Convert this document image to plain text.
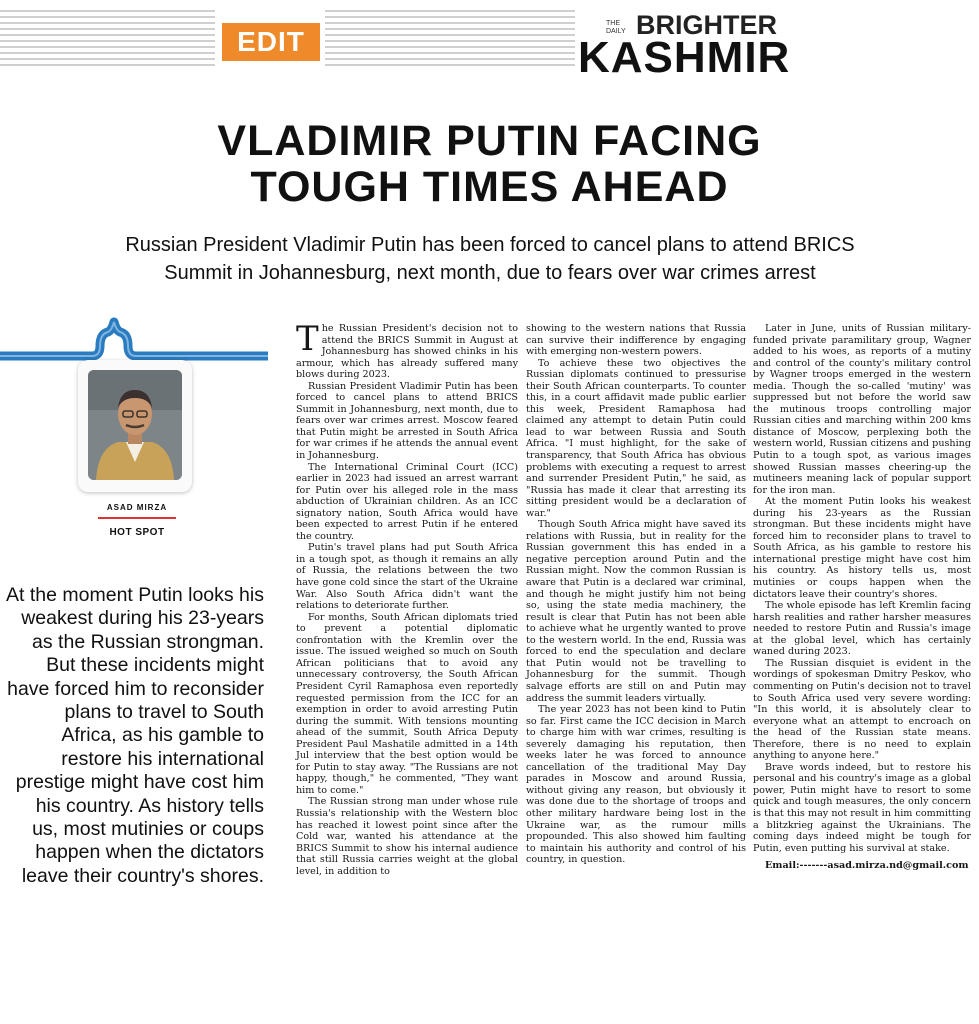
EDIT
THE DAILY BRIGHTER
KASHMIR
VLADIMIR PUTIN FACING
TOUGH TIMES AHEAD
Russian President Vladimir Putin has been forced to cancel plans to attend BRICS
Summit in Johannesburg, next month, due to fears over war crimes arrest
ASAD MIRZA
HOT SPOT
At the moment Putin looks his weakest during his 23-years as the Russian strongman. But these incidents might have forced him to reconsider plans to travel to South Africa, as his gamble to restore his international prestige might have cost him his country. As history tells us, most mutinies or coups happen when the dictators leave their country's shores.

The Russian President's decision not to attend the BRICS Summit in August at Johannesburg has showed chinks in his armour, which has already suffered many blows during 2023.

Russian President Vladimir Putin has been forced to cancel plans to attend BRICS Summit in Johannesburg, next month, due to fears over war crimes arrest. Moscow feared that Putin might be arrested in South Africa for war crimes if he attends the annual event in Johannesburg.

The International Criminal Court (ICC) earlier in 2023 had issued an arrest warrant for Putin over his alleged role in the mass abduction of Ukrainian children. As an ICC signatory nation, South Africa would have been expected to arrest Putin if he entered the country.

Putin's travel plans had put South Africa in a tough spot, as though it remains an ally of Russia, the relations between the two have gone cold since the start of the Ukraine War. Also South Africa didn't want the relations to deteriorate further.

For months, South African diplomats tried to prevent a potential diplomatic confrontation with the Kremlin over the issue. The issued weighed so much on South African politicians that to avoid any unnecessary controversy, the South African President Cyril Ramaphosa even reportedly requested permission from the ICC for an exemption in order to avoid arresting Putin during the summit. With tensions mounting ahead of the summit, South Africa Deputy President Paul Mashatile admitted in a 14th Jul interview that the best option would be for Putin to stay away. "The Russians are not happy, though," he commented, "They want him to come."

The Russian strong man under whose rule Russia's relationship with the Western bloc has reached it lowest point since after the Cold war, wanted his attendance at the BRICS Summit to show his internal audience that still Russia carries weight at the global level, in addition to

showing to the western nations that Russia can survive their indifference by engaging with emerging non-western powers.

To achieve these two objectives the Russian diplomats continued to pressurise their South African counterparts. To counter this, in a court affidavit made public earlier this week, President Ramaphosa had claimed any attempt to detain Putin could lead to war between Russia and South Africa. "I must highlight, for the sake of transparency, that South Africa has obvious problems with executing a request to arrest and surrender President Putin," he said, as "Russia has made it clear that arresting its sitting president would be a declaration of war."

Though South Africa might have saved its relations with Russia, but in reality for the Russian government this has ended in a negative perception around Putin and the Russian might. Now the common Russian is aware that Putin is a declared war criminal, and though he might justify him not being so, using the state media machinery, the result is clear that Putin has not been able to achieve what he urgently wanted to prove to the western world. In the end, Russia was forced to end the speculation and declare that Putin would not be travelling to Johannesburg for the summit. Though salvage efforts are still on and Putin may address the summit leaders virtually.

The year 2023 has not been kind to Putin so far. First came the ICC decision in March to charge him with war crimes, resulting is severely damaging his reputation, then weeks later he was forced to announce cancellation of the traditional May Day parades in Moscow and around Russia, without giving any reason, but obviously it was done due to the shortage of troops and other military hardware being lost in the Ukraine war, as the rumour mills propounded. This also showed him faulting to maintain his authority and control of his country, in question.

Later in June, units of Russian military-funded private paramilitary group, Wagner added to his woes, as reports of a mutiny and control of the county's military control by Wagner troops emerged in the western media. Though the so-called 'mutiny' was suppressed but not before the world saw the mutinous troops controlling major Russian cities and marching within 200 kms distance of Moscow, perplexing both the western world, Russian citizens and pushing Putin to a tough spot, as various images showed Russian masses cheering-up the mutineers meaning lack of popular support for the iron man.

At the moment Putin looks his weakest during his 23-years as the Russian strongman. But these incidents might have forced him to reconsider plans to travel to South Africa, as his gamble to restore his international prestige might have cost him his country. As history tells us, most mutinies or coups happen when the dictators leave their country's shores.

The whole episode has left Kremlin facing harsh realities and rather harsher measures needed to restore Putin and Russia's image at the global level, which has certainly waned during 2023.

The Russian disquiet is evident in the wordings of spokesman Dmitry Peskov, who commenting on Putin's decision not to travel to South Africa used very severe wording: "In this world, it is absolutely clear to everyone what an attempt to encroach on the head of the Russian state means. Therefore, there is no need to explain anything to anyone here."

Brave words indeed, but to restore his personal and his country's image as a global power, Putin might have to resort to some quick and tough measures, the only concern is that this may not result in him committing a blitzkrieg against the Ukrainians. The coming days indeed might be tough for Putin, even putting his survival at stake.

Email:-------asad.mirza.nd@gmail.com
